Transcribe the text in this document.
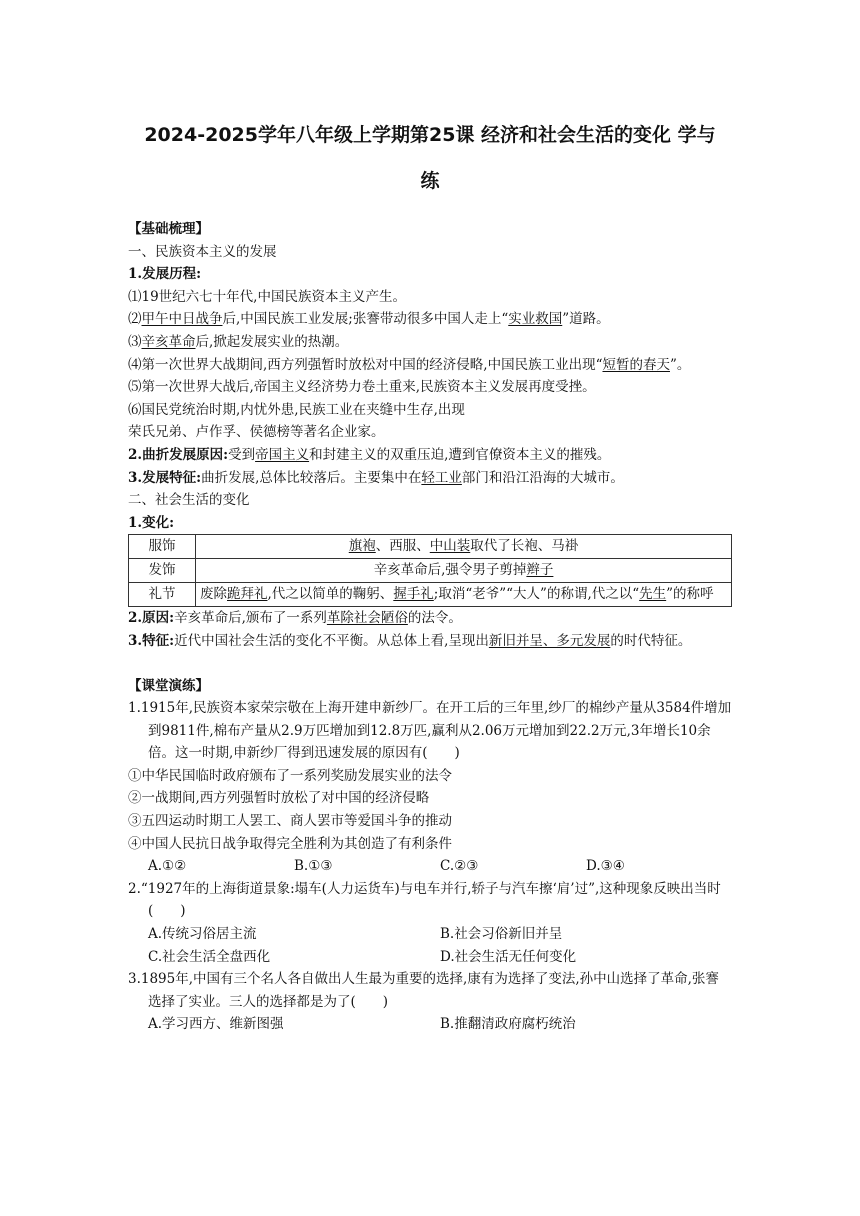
2024-2025学年八年级上学期第25课 经济和社会生活的变化 学与
练
【基础梳理】
一、民族资本主义的发展
1.发展历程:
⑴19世纪六七十年代,中国民族资本主义产生。
⑵甲午中日战争后,中国民族工业发展;张謇带动很多中国人走上“实业救国”道路。
⑶辛亥革命后,掀起发展实业的热潮。
⑷第一次世界大战期间,西方列强暂时放松对中国的经济侵略,中国民族工业出现“短暂的春天”。
⑸第一次世界大战后,帝国主义经济势力卷土重来,民族资本主义发展再度受挫。
⑹国民党统治时期,内忧外患,民族工业在夹缝中生存,出现
荣氏兄弟、卢作孚、侯德榜等著名企业家。
2.曲折发展原因:受到帝国主义和封建主义的双重压迫,遭到官僚资本主义的摧残。
3.发展特征:曲折发展,总体比较落后。主要集中在轻工业部门和沿江沿海的大城市。
二、社会生活的变化
1.变化:
服饰	旗袍、西服、中山装取代了长袍、马褂
发饰	辛亥革命后,强令男子剪掉辫子
礼节	废除跪拜礼,代之以简单的鞠躬、握手礼;取消“老爷”“大人”的称谓,代之以“先生”的称呼
2.原因:辛亥革命后,颁布了一系列革除社会陋俗的法令。
3.特征:近代中国社会生活的变化不平衡。从总体上看,呈现出新旧并呈、多元发展的时代特征。
【课堂演练】
1.1915年,民族资本家荣宗敬在上海开建申新纱厂。在开工后的三年里,纱厂的棉纱产量从3584件增加到9811件,棉布产量从2.9万匹增加到12.8万匹,赢利从2.06万元增加到22.2万元,3年增长10余倍。这一时期,申新纱厂得到迅速发展的原因有(　　)
①中华民国临时政府颁布了一系列奖励发展实业的法令
②一战期间,西方列强暂时放松了对中国的经济侵略
③五四运动时期工人罢工、商人罢市等爱国斗争的推动
④中国人民抗日战争取得完全胜利为其创造了有利条件
A.①②	B.①③	C.②③	D.③④
2.“1927年的上海街道景象:塌车(人力运货车)与电车并行,轿子与汽车擦‘肩’过”,这种现象反映出当时(　　)
A.传统习俗居主流	B.社会习俗新旧并呈
C.社会生活全盘西化	D.社会生活无任何变化
3.1895年,中国有三个名人各自做出人生最为重要的选择,康有为选择了变法,孙中山选择了革命,张謇选择了实业。三人的选择都是为了(　　)
A.学习西方、维新图强	B.推翻清政府腐朽统治
